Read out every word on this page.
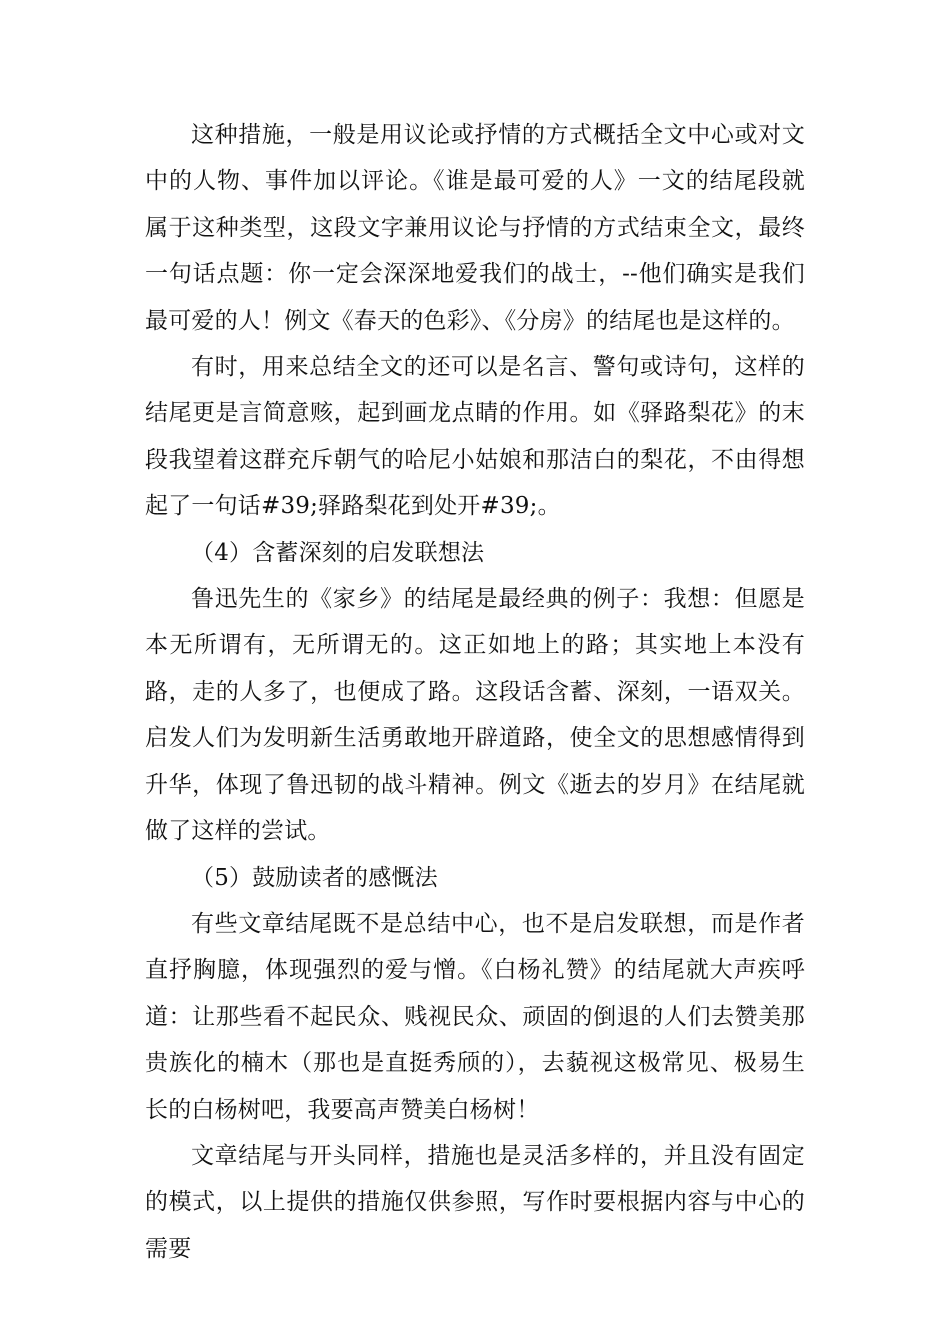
这种措施，一般是用议论或抒情的方式概括全文中心或对文中的人物、事件加以评论。《谁是最可爱的人》一文的结尾段就属于这种类型，这段文字兼用议论与抒情的方式结束全文，最终一句话点题：你一定会深深地爱我们的战士，--他们确实是我们最可爱的人！例文《春天的色彩》、《分房》的结尾也是这样的。

有时，用来总结全文的还可以是名言、警句或诗句，这样的结尾更是言简意赅，起到画龙点睛的作用。如《驿路梨花》的末段我望着这群充斥朝气的哈尼小姑娘和那洁白的梨花，不由得想起了一句话#39;驿路梨花到处开#39;。

（4）含蓄深刻的启发联想法

鲁迅先生的《家乡》的结尾是最经典的例子：我想：但愿是本无所谓有，无所谓无的。这正如地上的路；其实地上本没有路，走的人多了，也便成了路。这段话含蓄、深刻，一语双关。启发人们为发明新生活勇敢地开辟道路，使全文的思想感情得到升华，体现了鲁迅韧的战斗精神。例文《逝去的岁月》在结尾就做了这样的尝试。

（5）鼓励读者的感慨法

有些文章结尾既不是总结中心，也不是启发联想，而是作者直抒胸臆，体现强烈的爱与憎。《白杨礼赞》的结尾就大声疾呼道：让那些看不起民众、贱视民众、顽固的倒退的人们去赞美那贵族化的楠木（那也是直挺秀颀的），去藐视这极常见、极易生长的白杨树吧，我要高声赞美白杨树！

文章结尾与开头同样，措施也是灵活多样的，并且没有固定的模式，以上提供的措施仅供参照，写作时要根据内容与中心的需要
